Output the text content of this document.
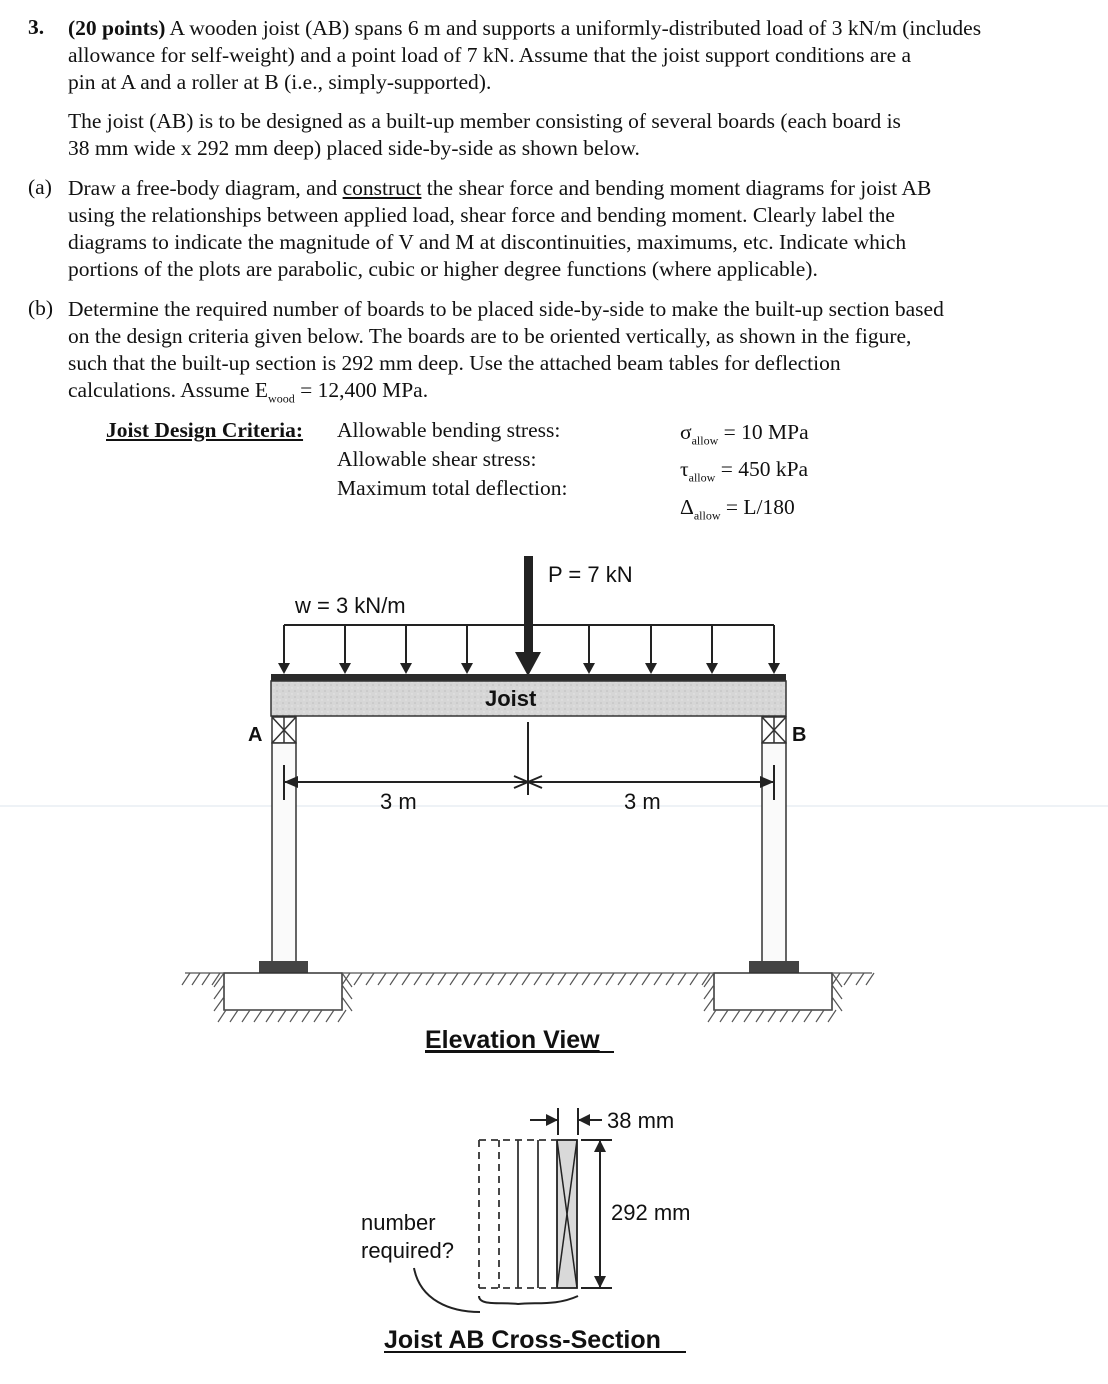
3. (20 points) A wooden joist (AB) spans 6 m and supports a uniformly-distributed load of 3 kN/m (includes

allowance for self-weight) and a point load of 7 kN. Assume that the joist support conditions are a

pin at A and a roller at B (i.e., simply-supported).

The joist (AB) is to be designed as a built-up member consisting of several boards (each board is

38 mm wide x 292 mm deep) placed side-by-side as shown below.

(a) Draw a free-body diagram, and construct the shear force and bending moment diagrams for joist AB

using the relationships between applied load, shear force and bending moment. Clearly label the

diagrams to indicate the magnitude of V and M at discontinuities, maximums, etc. Indicate which

portions of the plots are parabolic, cubic or higher degree functions (where applicable).

(b) Determine the required number of boards to be placed side-by-side to make the built-up section based

on the design criteria given below. The boards are to be oriented vertically, as shown in the figure,

such that the built-up section is 292 mm deep. Use the attached beam tables for deflection

calculations. Assume $E_{wood} = 12,400$ MPa.

Joist Design Criteria: Allowable bending stress:
Allowable shear stress:
Maximum total deflection:
$\sigma_{allow} = 10$ MPa
$\tau_{allow} = 450$ kPa
$\Delta_{allow} = L/180$
P = 7 kN
w = 3 kN/m
Joist
A	B
3 m	3 m
Elevation View
38 mm
292 mm
number
required?
Joist AB Cross-Section
